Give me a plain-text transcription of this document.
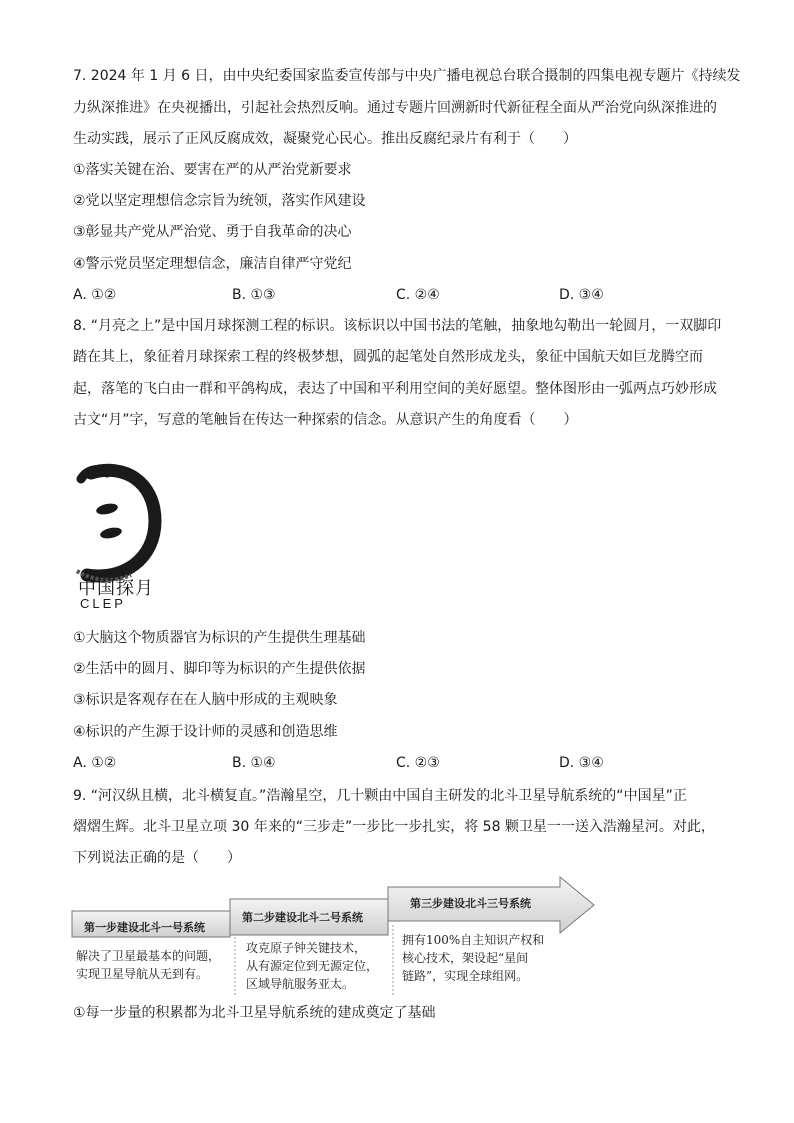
7. 2024 年 1 月 6 日，由中央纪委国家监委宣传部与中央广播电视总台联合摄制的四集电视专题片《持续发
力纵深推进》在央视播出，引起社会热烈反响。通过专题片回溯新时代新征程全面从严治党向纵深推进的
生动实践，展示了正风反腐成效，凝聚党心民心。推出反腐纪录片有利于（　　）
①落实关键在治、要害在严的从严治党新要求
②党以坚定理想信念宗旨为统领，落实作风建设
③彰显共产党从严治党、勇于自我革命的决心
④警示党员坚定理想信念，廉洁自律严守党纪
A. ①②	B. ①③	C. ②④	D. ③④
8. “月亮之上”是中国月球探测工程的标识。该标识以中国书法的笔触，抽象地勾勒出一轮圆月，一双脚印
踏在其上，象征着月球探索工程的终极梦想，圆弧的起笔处自然形成龙头，象征中国航天如巨龙腾空而
起，落笔的飞白由一群和平鸽构成，表达了中国和平利用空间的美好愿望。整体图形由一弧两点巧妙形成
古文“月”字，写意的笔触旨在传达一种探索的信念。从意识产生的角度看（　　）
中国探月
CLEP
①大脑这个物质器官为标识的产生提供生理基础
②生活中的圆月、脚印等为标识的产生提供依据
③标识是客观存在在人脑中形成的主观映象
④标识的产生源于设计师的灵感和创造思维
A. ①②	B. ①④	C. ②③	D. ③④
9. “河汉纵且横，北斗横复直。”浩瀚星空，几十颗由中国自主研发的北斗卫星导航系统的“中国星”正
熠熠生辉。北斗卫星立项 30 年来的“三步走”一步比一步扎实，将 58 颗卫星一一送入浩瀚星河。对此，
下列说法正确的是（　　）
第一步建设北斗一号系统
第二步建设北斗二号系统
第三步建设北斗三号系统
解决了卫星最基本的问题，
实现卫星导航从无到有。
攻克原子钟关键技术，
从有源定位到无源定位，
区域导航服务亚太。
拥有100%自主知识产权和
核心技术，架设起“星间
链路”，实现全球组网。
①每一步量的积累都为北斗卫星导航系统的建成奠定了基础
